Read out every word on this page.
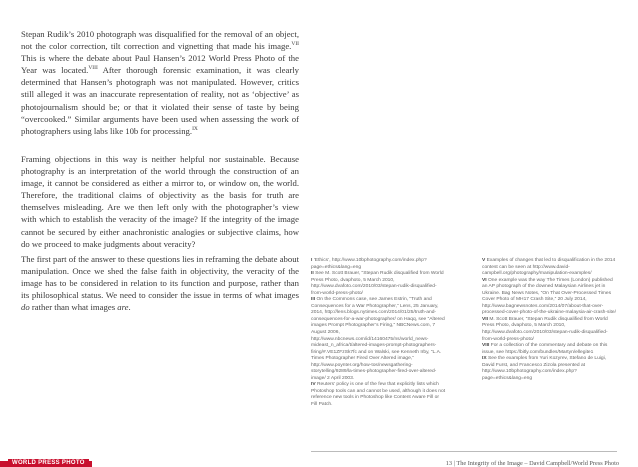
Stepan Rudik’s 2010 photograph was disqualified for the removal of an object, not the color correction, tilt correction and vignetting that made his image.$^{VII}$ This is where the debate about Paul Hansen’s 2012 World Press Photo of the Year was located.$^{VIII}$ After thorough forensic examination, it was clearly determined that Hansen’s photograph was not manipulated. However, critics still alleged it was an inaccurate representation of reality, not as ‘objective’ as photojournalism should be; or that it violated their sense of taste by being “overcooked.” Similar arguments have been used when assessing the work of photographers using labs like 10b for processing.$^{IX}$

Framing objections in this way is neither helpful nor sustainable. Because photography is an interpretation of the world through the construction of an image, it cannot be considered as either a mirror to, or window on, the world. Therefore, the traditional claims of objectivity as the basis for truth are themselves misleading. Are we then left only with the photographer’s view with which to establish the veracity of the image? If the integrity of the image cannot be secured by either anachronistic analogies or subjective claims, how do we proceed to make judgments about veracity?

The first part of the answer to these questions lies in reframing the debate about manipulation. Once we shed the false faith in objectivity, the veracity of the image has to be considered in relation to its function and purpose, rather than its philosophical status. We need to consider the issue in terms of what images do rather than what images are.

I ‘Ethics’, http://www.10bphotography.com/index.php?page=ethics&lang=eng

II See M. Scott Brauer, “Stepan Rudik disqualified from World Press Photo, dvaphoto, 5 March 2010, http://www.dvafoto.com/2010/03/stepan-rudik-disqualified-from-world-press-photo/

III On the Commons case, see James Estrin, “Truth and Consequences for a War Photographer,” Lens, 25 January, 2014, http://lens.blogs.nytimes.com/2014/01/25/truth-and-consequences-for-a-war-photographer/ on Haqq, see “Altered images Prompt Photographer’s Firing,” NBCNews.com, 7 August 2006, http://www.nbcnews.com/id/14160475/ns/world_news-mideast_n_africa/t/altered-images-prompt-photographers-firing/#.VE1ZFzSk7fc and on Walski, see Kenneth Irby, “L.A. Times Photographer Fired Over Altered image,” http://www.poynter.org/how-tos/newsgathering-storytelling/9289/la-times-photographer-fired-over-altered-image/ 2 April 2003.

IV Reuters’ policy is one of the few that explicitly lists which Photoshop tools can and cannot be used, although it does not reference new tools in Photoshop like Content Aware Fill or Fill Patch.

V Examples of changes that led to disqualification in the 2014 contest can be seen at http://www.david-campbell.org/photography/manipulation-examples/

VI One example was the way The Times (London) published an AP photograph of the downed Malaysian Airlines jet in Ukraine. Bag News Notes, “On That Over-Processed Times Cover Photo of MH17 Crash Site,” 20 July 2014, http://www.bagnewsnotes.com/2014/07/about-that-over-processed-cover-photo-of-the-ukraine-malaysia-air-crash-site/

VII M. Scott Brauer, “Stepan Rudik disqualified from World Press Photo, dvaphoto, 5 March 2010, http://www.dvafoto.com/2010/03/stepan-rudik-disqualified-from-world-press-photo/

VIII For a collection of the commentary and debate on this issue, see https://bitly.com/bundles/Martyn/ellegite1

IX See the examples from Yuri Kozyrev, Stefano de Luigi, David Furst, and Francesco Zizola presented at http://www.10bphotography.com/index.php?page=ethics&lang=eng

WORLD PRESS PHOTO	13 | The Integrity of the Image – David Campbell/World Press Photo
